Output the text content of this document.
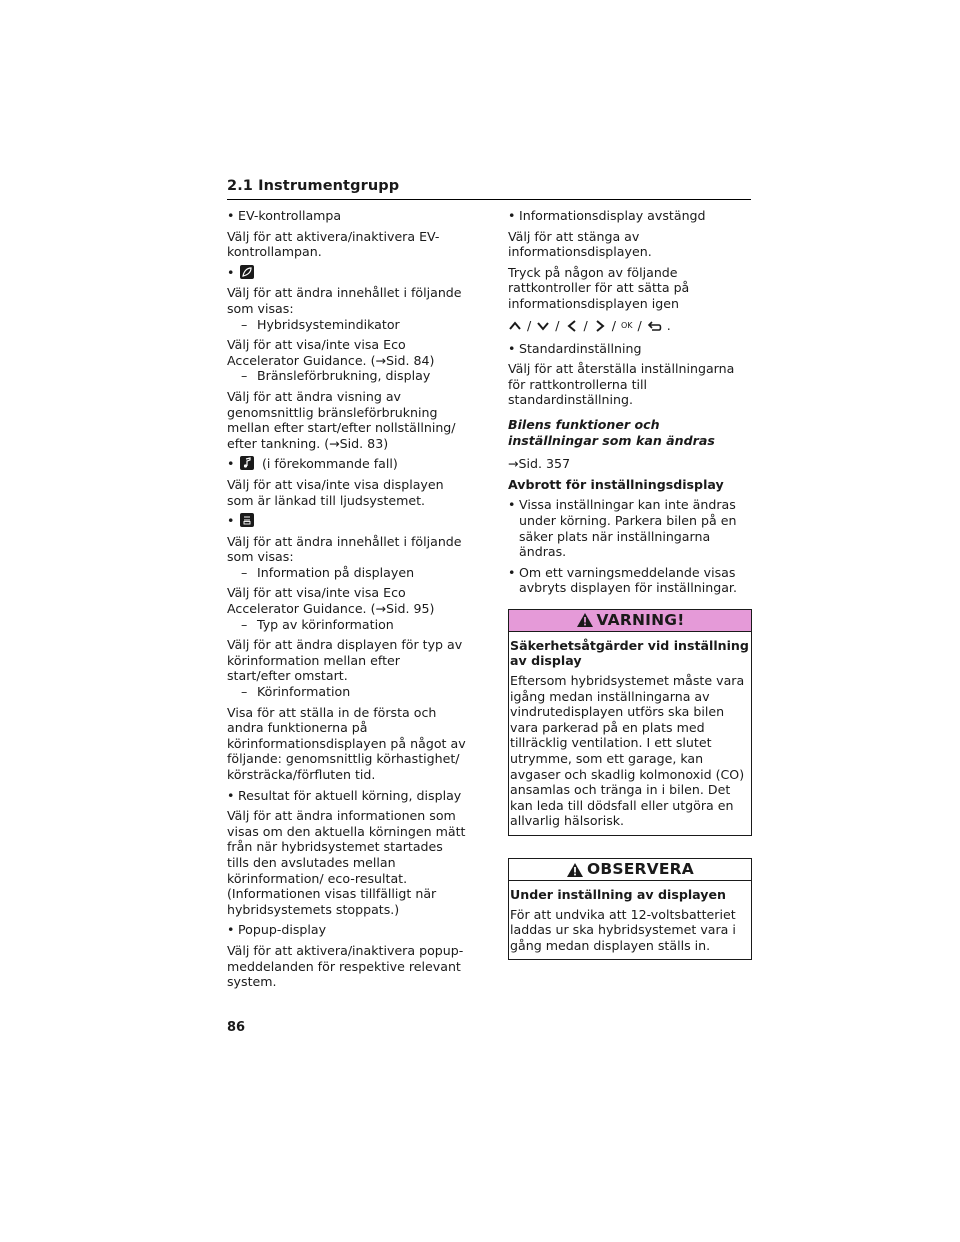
2.1 Instrumentgrupp
• EV-kontrollampa
Välj för att aktivera/inaktivera EV-kontrollampan.
•
Välj för att ändra innehållet i följande som visas:
– Hybridsystemindikator
Välj för att visa/inte visa Eco Accelerator Guidance. (→Sid. 84)
– Bränsleförbrukning, display
Välj för att ändra visning av genomsnittlig bränsleförbrukning mellan efter start/efter nollställning/ efter tankning. (→Sid. 83)
• (i förekommande fall)
Välj för att visa/inte visa displayen som är länkad till ljudsystemet.
•
Välj för att ändra innehållet i följande som visas:
– Information på displayen
Välj för att visa/inte visa Eco Accelerator Guidance. (→Sid. 95)
– Typ av körinformation
Välj för att ändra displayen för typ av körinformation mellan efter start/efter omstart.
– Körinformation
Visa för att ställa in de första och andra funktionerna på körinformationsdisplayen på något av följande: genomsnittlig körhastighet/ körsträcka/förfluten tid.
• Resultat för aktuell körning, display
Välj för att ändra informationen som visas om den aktuella körningen mätt från när hybridsystemet startades tills den avslutades mellan körinformation/ eco-resultat. (Informationen visas tillfälligt när hybridsystemets stoppats.)
• Popup-display
Välj för att aktivera/inaktivera popup-meddelanden för respektive relevant system.
• Informationsdisplay avstängd
Välj för att stänga av informationsdisplayen.
Tryck på någon av följande rattkontroller för att sätta på informationsdisplayen igen
/ / / / OK / .
• Standardinställning
Välj för att återställa inställningarna för rattkontrollerna till standardinställning.
Bilens funktioner och inställningar som kan ändras
→Sid. 357
Avbrott för inställningsdisplay
• Vissa inställningar kan inte ändras under körning. Parkera bilen på en säker plats när inställningarna ändras.
• Om ett varningsmeddelande visas avbryts displayen för inställningar.
VARNING!
Säkerhetsåtgärder vid inställning av display
Eftersom hybridsystemet måste vara igång medan inställningarna av vindrutedisplayen utförs ska bilen vara parkerad på en plats med tillräcklig ventilation. I ett slutet utrymme, som ett garage, kan avgaser och skadlig kolmonoxid (CO) ansamlas och tränga in i bilen. Det kan leda till dödsfall eller utgöra en allvarlig hälsorisk.
OBSERVERA
Under inställning av displayen
För att undvika att 12-voltsbatteriet laddas ur ska hybridsystemet vara i gång medan displayen ställs in.
86
